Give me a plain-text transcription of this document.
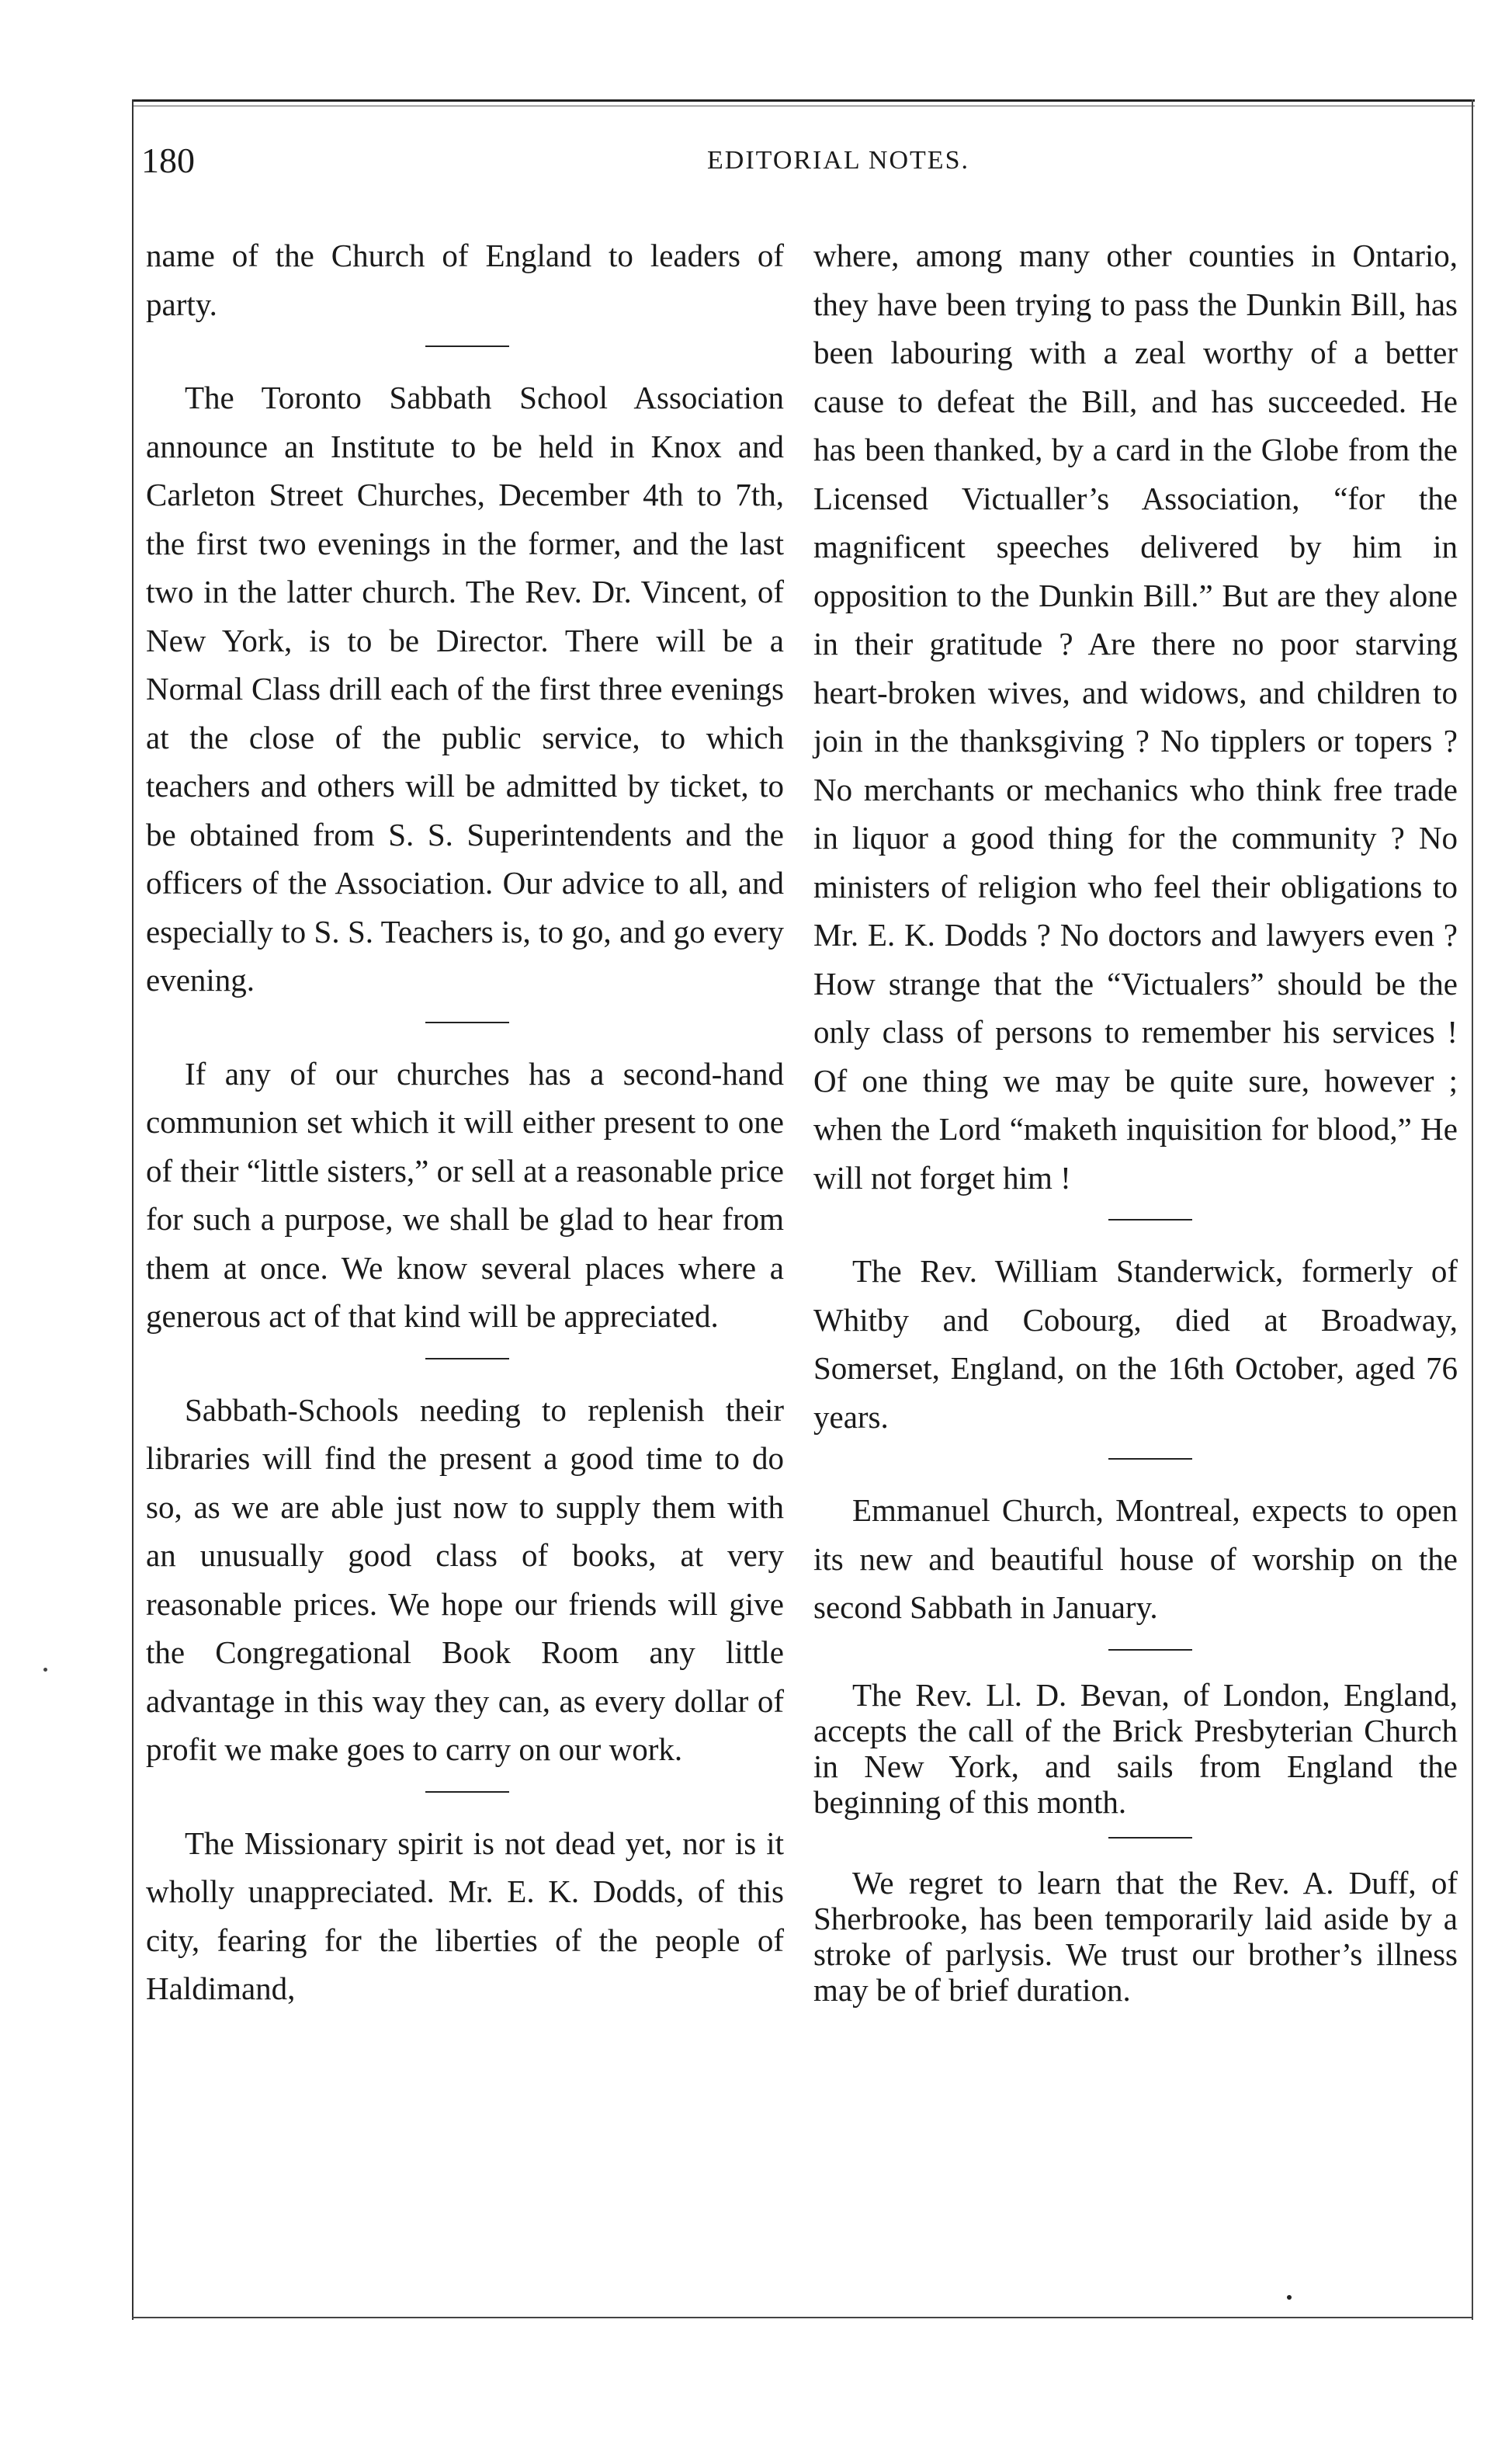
180	EDITORIAL NOTES.

name of the Church of England to leaders of party.

The Toronto Sabbath School Association announce an Institute to be held in Knox and Carleton Street Churches, December 4th to 7th, the first two evenings in the former, and the last two in the latter church. The Rev. Dr. Vincent, of New York, is to be Director. There will be a Normal Class drill each of the first three evenings at the close of the public service, to which teachers and others will be admitted by ticket, to be obtained from S. S. Superintendents and the officers of the Association. Our advice to all, and especially to S. S. Teachers is, to go, and go every evening.

If any of our churches has a second-hand communion set which it will either present to one of their “little sisters,” or sell at a reasonable price for such a purpose, we shall be glad to hear from them at once. We know several places where a generous act of that kind will be appreciated.

Sabbath-Schools needing to replenish their libraries will find the present a good time to do so, as we are able just now to supply them with an unusually good class of books, at very reasonable prices. We hope our friends will give the Congregational Book Room any little advantage in this way they can, as every dollar of profit we make goes to carry on our work.

The Missionary spirit is not dead yet, nor is it wholly unappreciated. Mr. E. K. Dodds, of this city, fearing for the liberties of the people of Haldimand,

where, among many other counties in Ontario, they have been trying to pass the Dunkin Bill, has been labouring with a zeal worthy of a better cause to defeat the Bill, and has succeeded. He has been thanked, by a card in the Globe from the Licensed Victualler’s Association, “for the magnificent speeches delivered by him in opposition to the Dunkin Bill.” But are they alone in their gratitude ? Are there no poor starving heart-broken wives, and widows, and children to join in the thanksgiving ? No tipplers or topers ? No merchants or mechanics who think free trade in liquor a good thing for the community ? No ministers of religion who feel their obligations to Mr. E. K. Dodds ? No doctors and lawyers even ? How strange that the “Victualers” should be the only class of persons to remember his services ! Of one thing we may be quite sure, however ; when the Lord “maketh inquisition for blood,” He will not forget him !

The Rev. William Standerwick, formerly of Whitby and Cobourg, died at Broadway, Somerset, England, on the 16th October, aged 76 years.

Emmanuel Church, Montreal, expects to open its new and beautiful house of worship on the second Sabbath in January.

The Rev. Ll. D. Bevan, of London, England, accepts the call of the Brick Presbyterian Church in New York, and sails from England the beginning of this month.

We regret to learn that the Rev. A. Duff, of Sherbrooke, has been temporarily laid aside by a stroke of parlysis. We trust our brother’s illness may be of brief duration.
